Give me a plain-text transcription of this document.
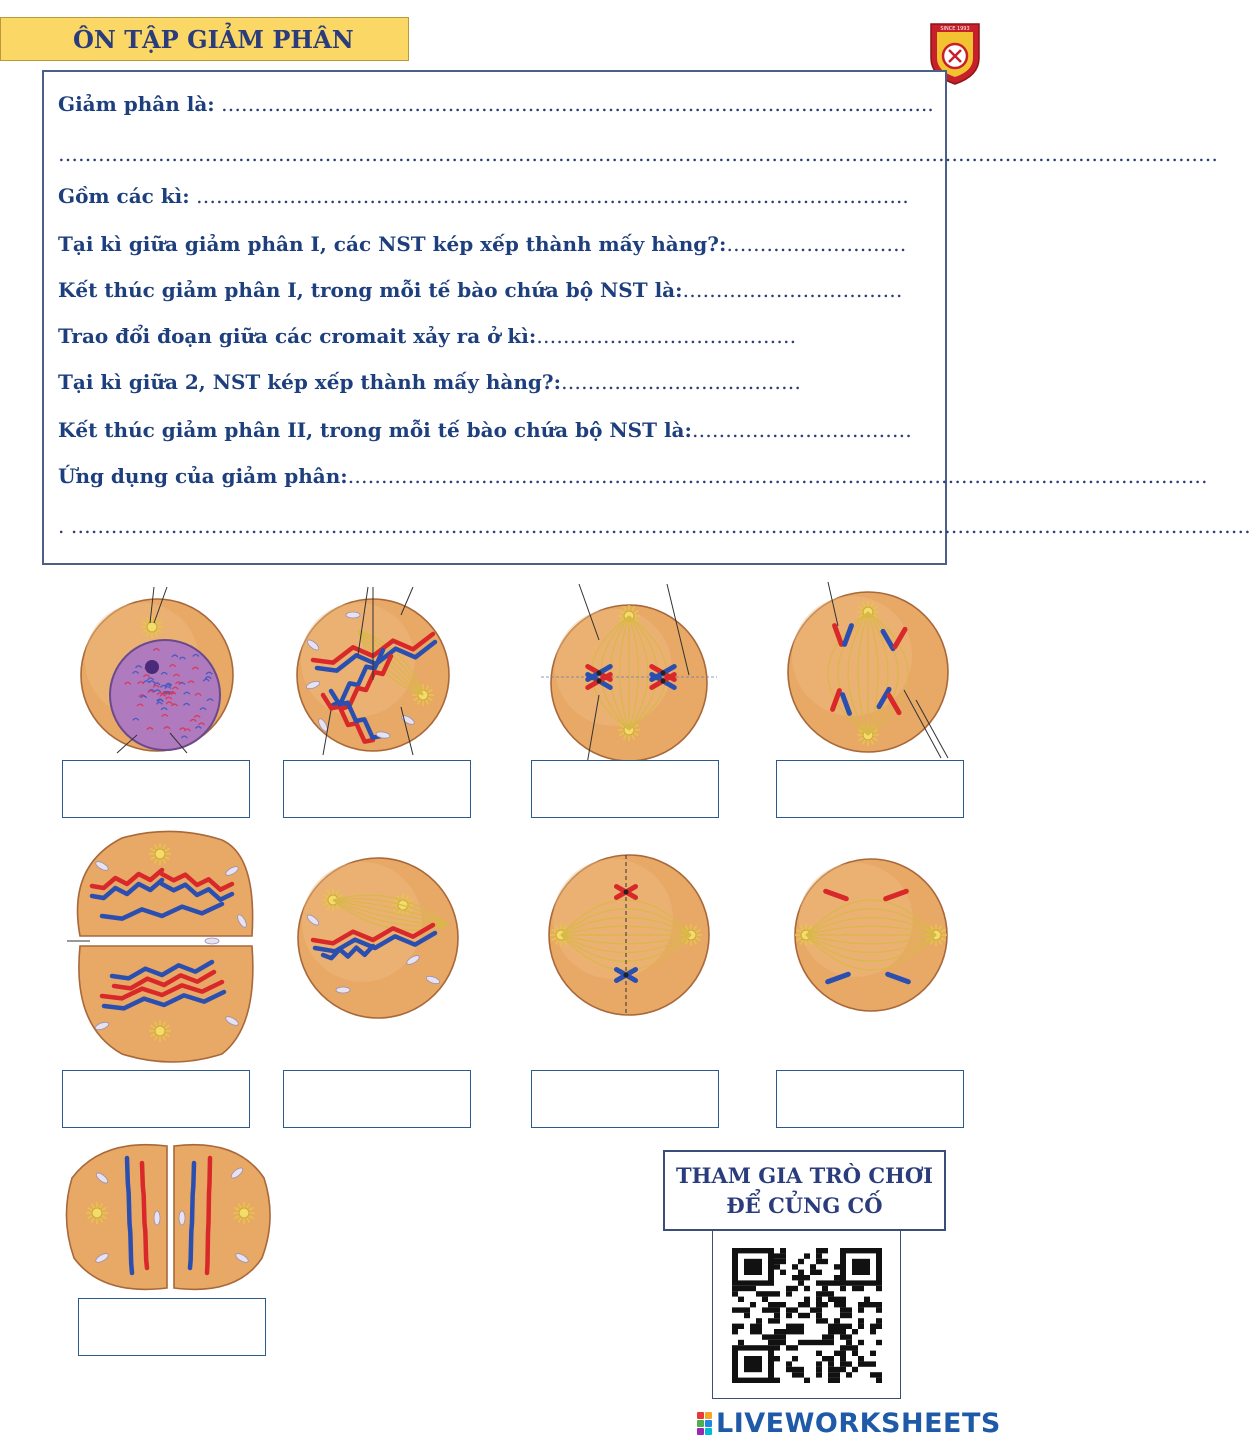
ÔN TẬP GIẢM PHÂN	SINCE 1993
Giảm phân là: ……………………………………………………………………………………………..
…………………………………………………………………………………………………………………………………………………………
Gồm các kì: ……………………………………………………………………………………………..
Tại kì giữa giảm phân I, các NST kép xếp thành mấy hàng?:………………………
Kết thúc giảm phân I, trong mỗi tế bào chứa bộ NST là:……………………………
Trao đổi đoạn giữa các cromait xảy ra ở kì:…………………………………
Tại kì giữa 2, NST kép xếp thành mấy hàng?:………………………………
Kết thúc giảm phân II, trong mỗi tế bào chứa bộ NST là:……………………………
Ứng dụng của giảm phân:…………………………………………………………………………………………………………………
. ……………………………………………………………………………………………………………………………………………………………
THAM GIA TRÒ CHƠI
ĐỂ CỦNG CỐ
LIVEWORKSHEETS
